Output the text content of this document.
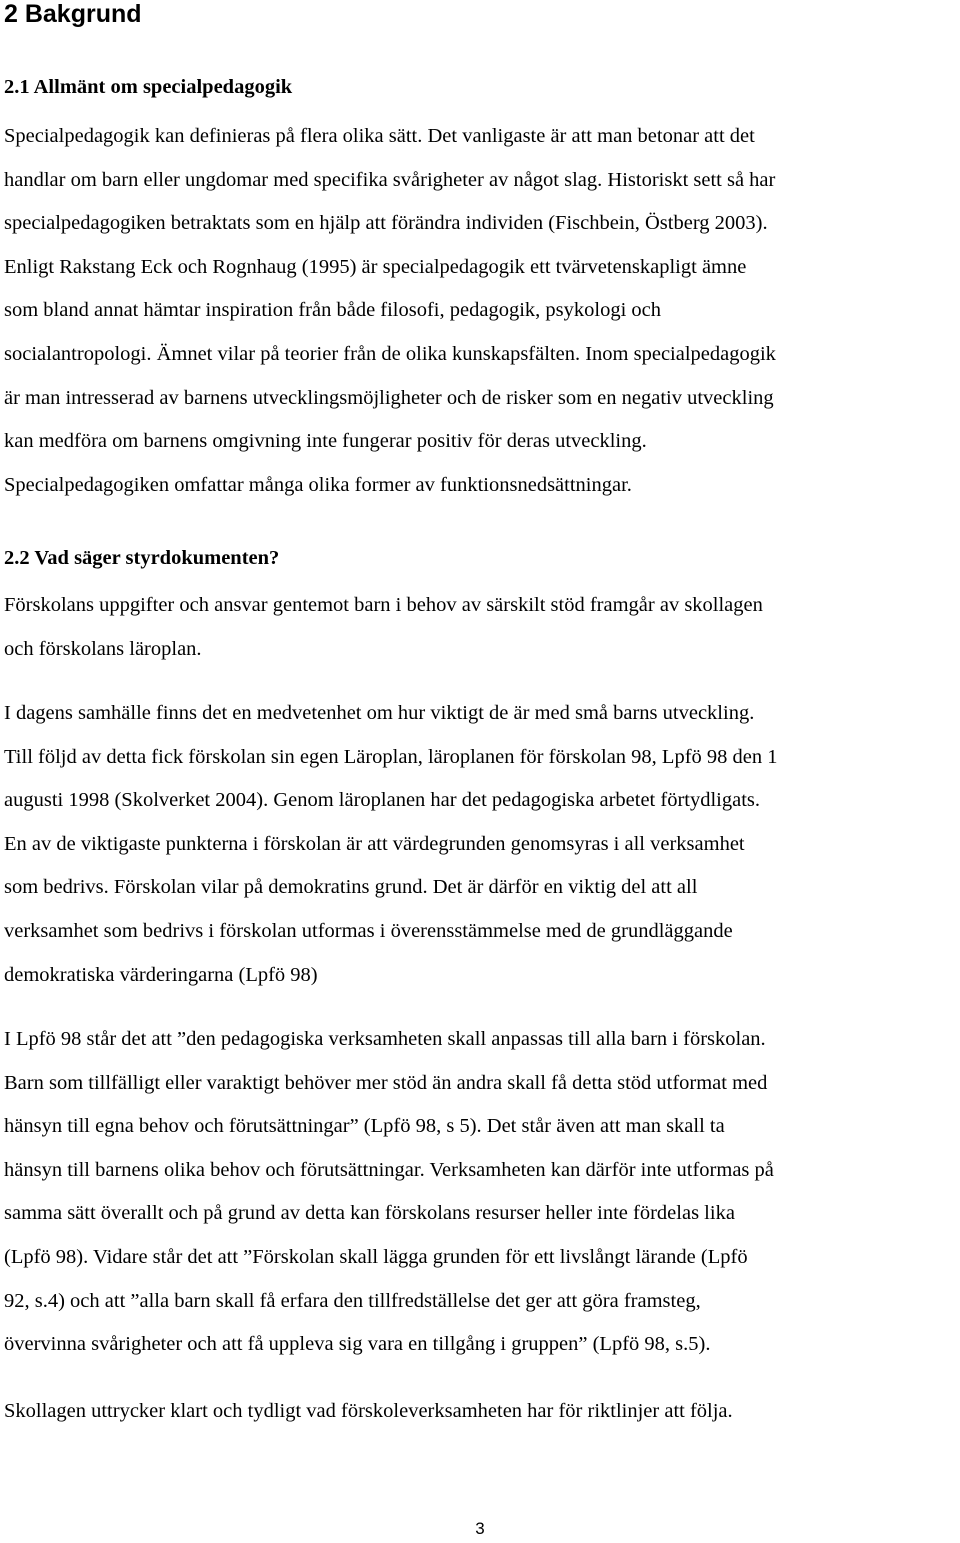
2 Bakgrund
2.1 Allmänt om specialpedagogik
Specialpedagogik kan definieras på flera olika sätt. Det vanligaste är att man betonar att det
handlar om barn eller ungdomar med specifika svårigheter av något slag. Historiskt sett så har
specialpedagogiken betraktats som en hjälp att förändra individen (Fischbein, Östberg 2003).
Enligt Rakstang Eck och Rognhaug (1995) är specialpedagogik ett tvärvetenskapligt ämne
som bland annat hämtar inspiration från både filosofi, pedagogik, psykologi och
socialantropologi. Ämnet vilar på teorier från de olika kunskapsfälten. Inom specialpedagogik
är man intresserad av barnens utvecklingsmöjligheter och de risker som en negativ utveckling
kan medföra om barnens omgivning inte fungerar positiv för deras utveckling.
Specialpedagogiken omfattar många olika former av funktionsnedsättningar.
2.2 Vad säger styrdokumenten?
Förskolans uppgifter och ansvar gentemot barn i behov av särskilt stöd framgår av skollagen
och förskolans läroplan.
I dagens samhälle finns det en medvetenhet om hur viktigt de är med små barns utveckling.
Till följd av detta fick förskolan sin egen Läroplan, läroplanen för förskolan 98, Lpfö 98 den 1
augusti 1998 (Skolverket 2004). Genom läroplanen har det pedagogiska arbetet förtydligats.
En av de viktigaste punkterna i förskolan är att värdegrunden genomsyras i all verksamhet
som bedrivs. Förskolan vilar på demokratins grund. Det är därför en viktig del att all
verksamhet som bedrivs i förskolan utformas i överensstämmelse med de grundläggande
demokratiska värderingarna (Lpfö 98)
I Lpfö 98 står det att ”den pedagogiska verksamheten skall anpassas till alla barn i förskolan.
Barn som tillfälligt eller varaktigt behöver mer stöd än andra skall få detta stöd utformat med
hänsyn till egna behov och förutsättningar” (Lpfö 98, s 5). Det står även att man skall ta
hänsyn till barnens olika behov och förutsättningar. Verksamheten kan därför inte utformas på
samma sätt överallt och på grund av detta kan förskolans resurser heller inte fördelas lika
(Lpfö 98). Vidare står det att ”Förskolan skall lägga grunden för ett livslångt lärande (Lpfö
92, s.4) och att ”alla barn skall få erfara den tillfredställelse det ger att göra framsteg,
övervinna svårigheter och att få uppleva sig vara en tillgång i gruppen” (Lpfö 98, s.5).
Skollagen uttrycker klart och tydligt vad förskoleverksamheten har för riktlinjer att följa.
3
